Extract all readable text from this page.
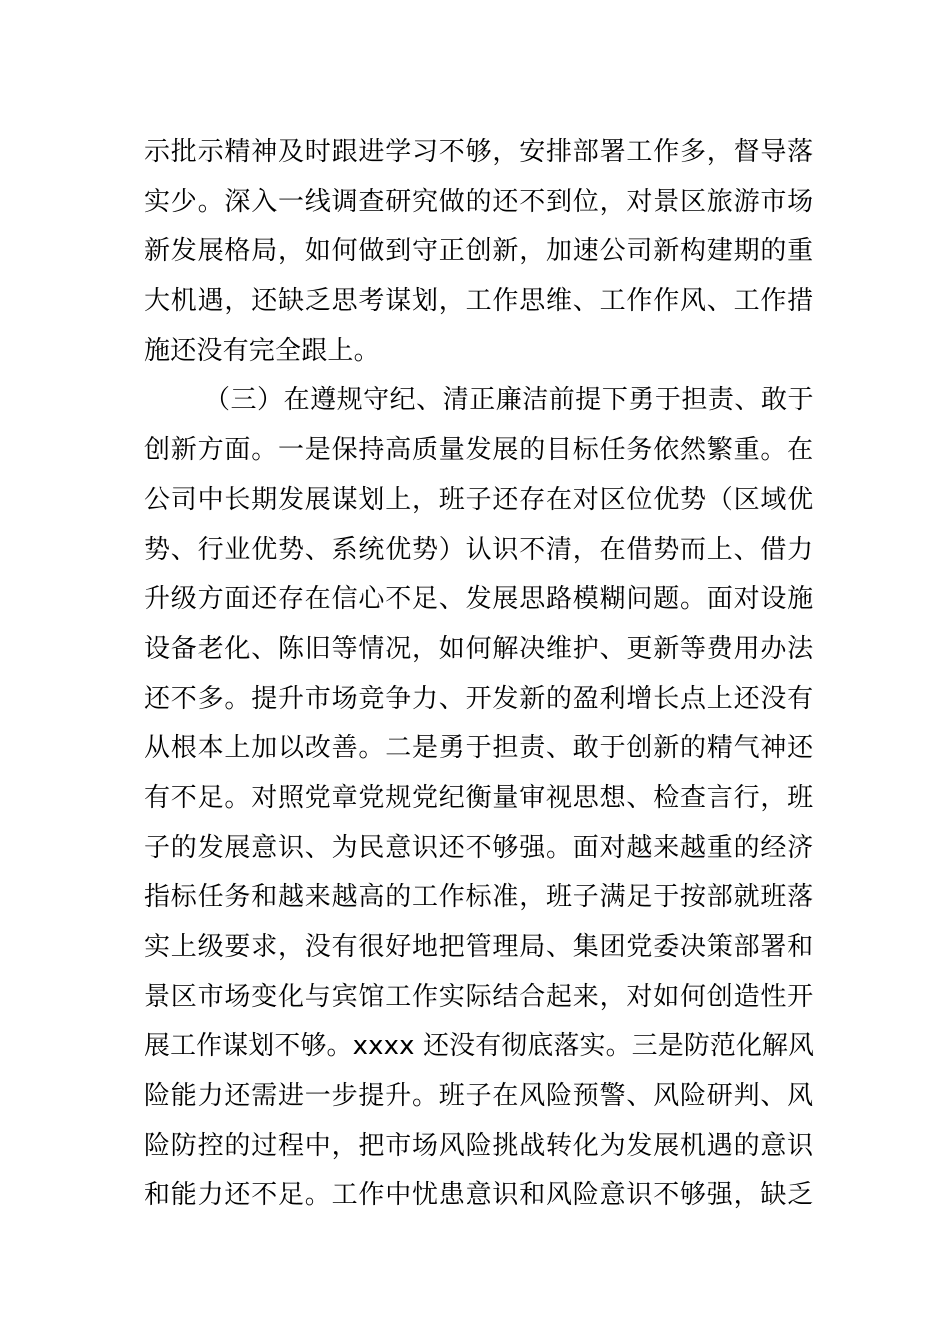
示批示精神及时跟进学习不够，安排部署工作多，督导落
实少。深入一线调查研究做的还不到位，对景区旅游市场
新发展格局，如何做到守正创新，加速公司新构建期的重
大机遇，还缺乏思考谋划，工作思维、工作作风、工作措
施还没有完全跟上。
（三）在遵规守纪、清正廉洁前提下勇于担责、敢于
创新方面。一是保持高质量发展的目标任务依然繁重。在
公司中长期发展谋划上，班子还存在对区位优势（区域优
势、行业优势、系统优势）认识不清，在借势而上、借力
升级方面还存在信心不足、发展思路模糊问题。面对设施
设备老化、陈旧等情况，如何解决维护、更新等费用办法
还不多。提升市场竞争力、开发新的盈利增长点上还没有
从根本上加以改善。二是勇于担责、敢于创新的精气神还
有不足。对照党章党规党纪衡量审视思想、检查言行，班
子的发展意识、为民意识还不够强。面对越来越重的经济
指标任务和越来越高的工作标准，班子满足于按部就班落
实上级要求，没有很好地把管理局、集团党委决策部署和
景区市场变化与宾馆工作实际结合起来，对如何创造性开
展工作谋划不够。xxxx 还没有彻底落实。三是防范化解风
险能力还需进一步提升。班子在风险预警、风险研判、风
险防控的过程中，把市场风险挑战转化为发展机遇的意识
和能力还不足。工作中忧患意识和风险意识不够强，缺乏
